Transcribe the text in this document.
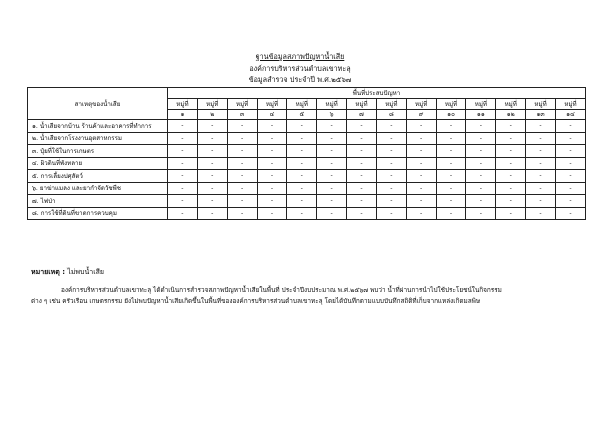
ฐานข้อมูลสภาพปัญหาน้ำเสีย
องค์การบริหารส่วนตำบลเขาทะลุ
ข้อมูลสำรวจ ประจำปี พ.ศ.๒๕๖๗
สาเหตุของน้ำเสีย	พื้นที่ประสบปัญหา													
	หมู่ที่	หมู่ที่	หมู่ที่	หมู่ที่	หมู่ที่	หมู่ที่	หมู่ที่	หมู่ที่	หมู่ที่	หมู่ที่	หมู่ที่	หมู่ที่	หมู่ที่	หมู่ที่
	๑	๒	๓	๔	๕	๖	๗	๘	๙	๑๐	๑๑	๑๒	๑๓	๑๔
๑. น้ำเสียจากบ้าน ร้านค้าและอาคารที่ทำการ	-	-	-	-	-	-	-	-	-	-	-	-	-	-
๒. น้ำเสียจากโรงงานอุตสาหกรรม	-	-	-	-	-	-	-	-	-	-	-	-	-	-
๓. ปุ๋ยที่ใช้ในการเกษตร	-	-	-	-	-	-	-	-	-	-	-	-	-	-
๔. ผิวดินที่พังทลาย	-	-	-	-	-	-	-	-	-	-	-	-	-	-
๕. การเลี้ยงปศุสัตว์	-	-	-	-	-	-	-	-	-	-	-	-	-	-
๖. ยาฆ่าแมลง และยากำจัดวัชพืช	-	-	-	-	-	-	-	-	-	-	-	-	-	-
๗. ไฟป่า	-	-	-	-	-	-	-	-	-	-	-	-	-	-
๘. การใช้ที่ดินที่ขาดการควบคุม	-	-	-	-	-	-	-	-	-	-	-	-	-	-
หมายเหตุ : ไม่พบน้ำเสีย
องค์การบริหารส่วนตำบลเขาทะลุ ได้ดำเนินการสำรวจสภาพปัญหาน้ำเสียในพื้นที่ ประจำปีงบประมาณ พ.ศ.๒๕๖๗ พบว่า น้ำที่ผ่านการนำไปใช้ประโยชน์ในกิจกรรม
ต่าง ๆ เช่น ครัวเรือน เกษตรกรรม ยังไม่พบปัญหาน้ำเสียเกิดขึ้นในพื้นที่ขององค์การบริหารส่วนตำบลเขาทะลุ โดยได้บันทึกตามแบบบันทึกสถิติที่เก็บจากแหล่งเกิดมลพิษ
